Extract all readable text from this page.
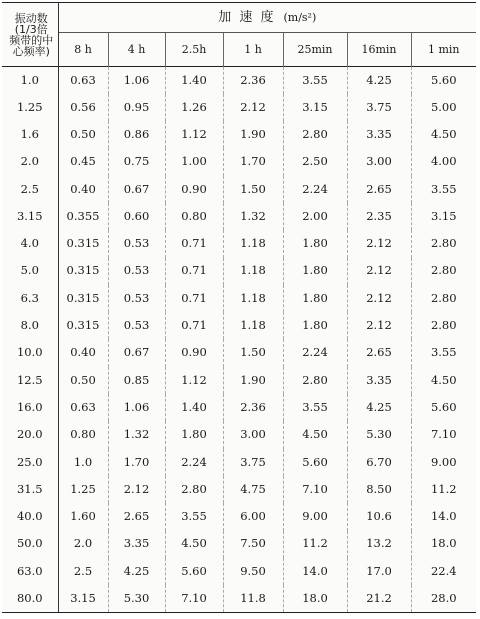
振动数
(1/3倍
频带的中
心频率)	加 速 度 (m/s²)						
	8 h	4 h	2.5h	1 h	25min	16min	1 min
1.0	0.63	1.06	1.40	2.36	3.55	4.25	5.60
1.25	0.56	0.95	1.26	2.12	3.15	3.75	5.00
1.6	0.50	0.86	1.12	1.90	2.80	3.35	4.50
2.0	0.45	0.75	1.00	1.70	2.50	3.00	4.00
2.5	0.40	0.67	0.90	1.50	2.24	2.65	3.55
3.15	0.355	0.60	0.80	1.32	2.00	2.35	3.15
4.0	0.315	0.53	0.71	1.18	1.80	2.12	2.80
5.0	0.315	0.53	0.71	1.18	1.80	2.12	2.80
6.3	0.315	0.53	0.71	1.18	1.80	2.12	2.80
8.0	0.315	0.53	0.71	1.18	1.80	2.12	2.80
10.0	0.40	0.67	0.90	1.50	2.24	2.65	3.55
12.5	0.50	0.85	1.12	1.90	2.80	3.35	4.50
16.0	0.63	1.06	1.40	2.36	3.55	4.25	5.60
20.0	0.80	1.32	1.80	3.00	4.50	5.30	7.10
25.0	1.0	1.70	2.24	3.75	5.60	6.70	9.00
31.5	1.25	2.12	2.80	4.75	7.10	8.50	11.2
40.0	1.60	2.65	3.55	6.00	9.00	10.6	14.0
50.0	2.0	3.35	4.50	7.50	11.2	13.2	18.0
63.0	2.5	4.25	5.60	9.50	14.0	17.0	22.4
80.0	3.15	5.30	7.10	11.8	18.0	21.2	28.0
